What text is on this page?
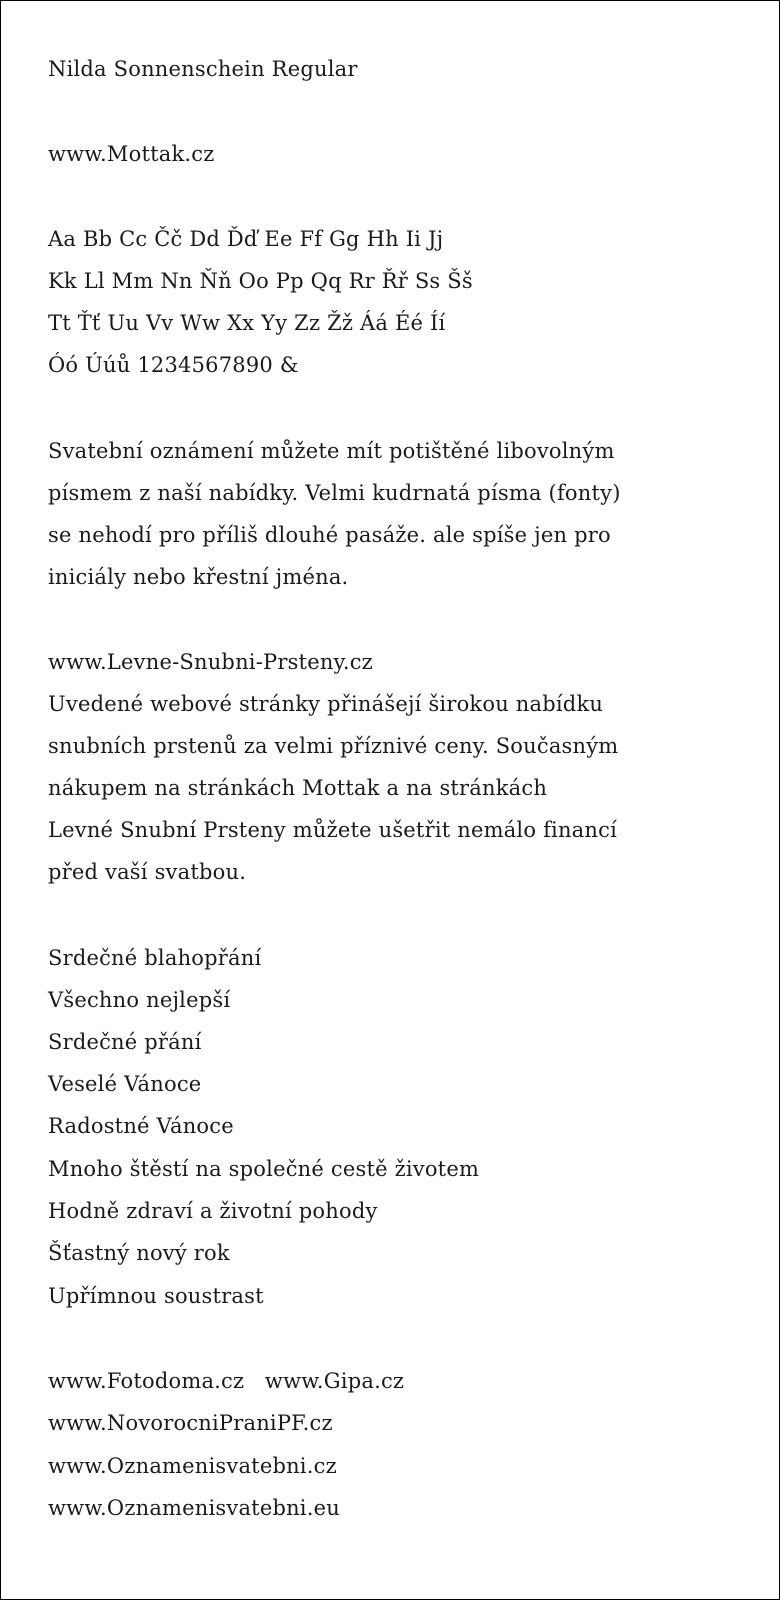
Nilda Sonnenschein Regular
www.Mottak.cz
Aa Bb Cc Čč Dd Ďď Ee Ff Gg Hh Ii Jj
Kk Ll Mm Nn Ňň Oo Pp Qq Rr Řř Ss Šš
Tt Ťť Uu Vv Ww Xx Yy Zz Žž Áá Éé Íí
Óó Úúů 1234567890 &
Svatební oznámení můžete mít potištěné libovolným
písmem z naší nabídky. Velmi kudrnatá písma (fonty)
se nehodí pro příliš dlouhé pasáže. ale spíše jen pro
iniciály nebo křestní jména.
www.Levne-Snubni-Prsteny.cz
Uvedené webové stránky přinášejí širokou nabídku
snubních prstenů za velmi příznivé ceny. Současným
nákupem na stránkách Mottak a na stránkách
Levné Snubní Prsteny můžete ušetřit nemálo financí
před vaší svatbou.
Srdečné blahopřání
Všechno nejlepší
Srdečné přání
Veselé Vánoce
Radostné Vánoce
Mnoho štěstí na společné cestě životem
Hodně zdraví a životní pohody
Šťastný nový rok
Upřímnou soustrast
www.Fotodoma.cz   www.Gipa.cz
www.NovorocniPraniPF.cz
www.Oznamenisvatebni.cz
www.Oznamenisvatebni.eu
